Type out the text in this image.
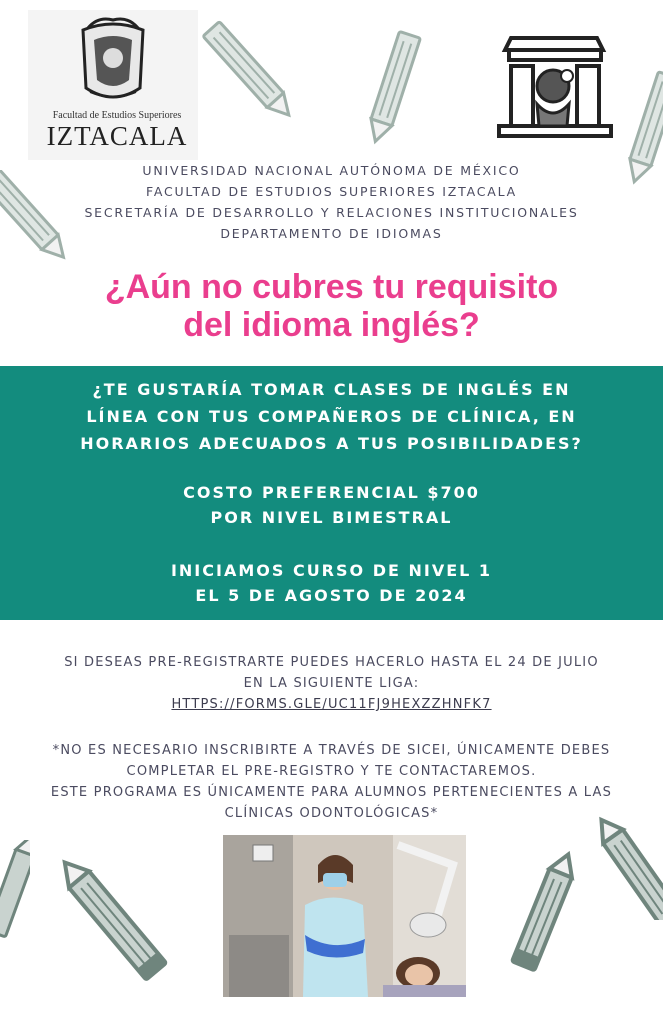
Facultad de Estudios Superiores
IZTACALA
UNIVERSIDAD NACIONAL AUTÓNOMA DE MÉXICO
FACULTAD DE ESTUDIOS SUPERIORES IZTACALA
SECRETARÍA DE DESARROLLO Y RELACIONES INSTITUCIONALES
DEPARTAMENTO DE IDIOMAS
¿Aún no cubres tu requisito
del idioma inglés?
¿TE GUSTARÍA TOMAR CLASES DE INGLÉS EN
LÍNEA CON TUS COMPAÑEROS DE CLÍNICA, EN
HORARIOS ADECUADOS A TUS POSIBILIDADES?
COSTO PREFERENCIAL $700
POR NIVEL BIMESTRAL
INICIAMOS CURSO DE NIVEL 1
EL 5 DE AGOSTO DE 2024
SI DESEAS PRE-REGISTRARTE PUEDES HACERLO HASTA EL 24 DE JULIO
EN LA SIGUIENTE LIGA:
HTTPS://FORMS.GLE/UC11FJ9HEXZZHNFK7
*NO ES NECESARIO INSCRIBIRTE A TRAVÉS DE SICEI, ÚNICAMENTE DEBES
COMPLETAR EL PRE-REGISTRO Y TE CONTACTAREMOS.
ESTE PROGRAMA ES ÚNICAMENTE PARA ALUMNOS PERTENECIENTES A LAS
CLÍNICAS ODONTOLÓGICAS*
